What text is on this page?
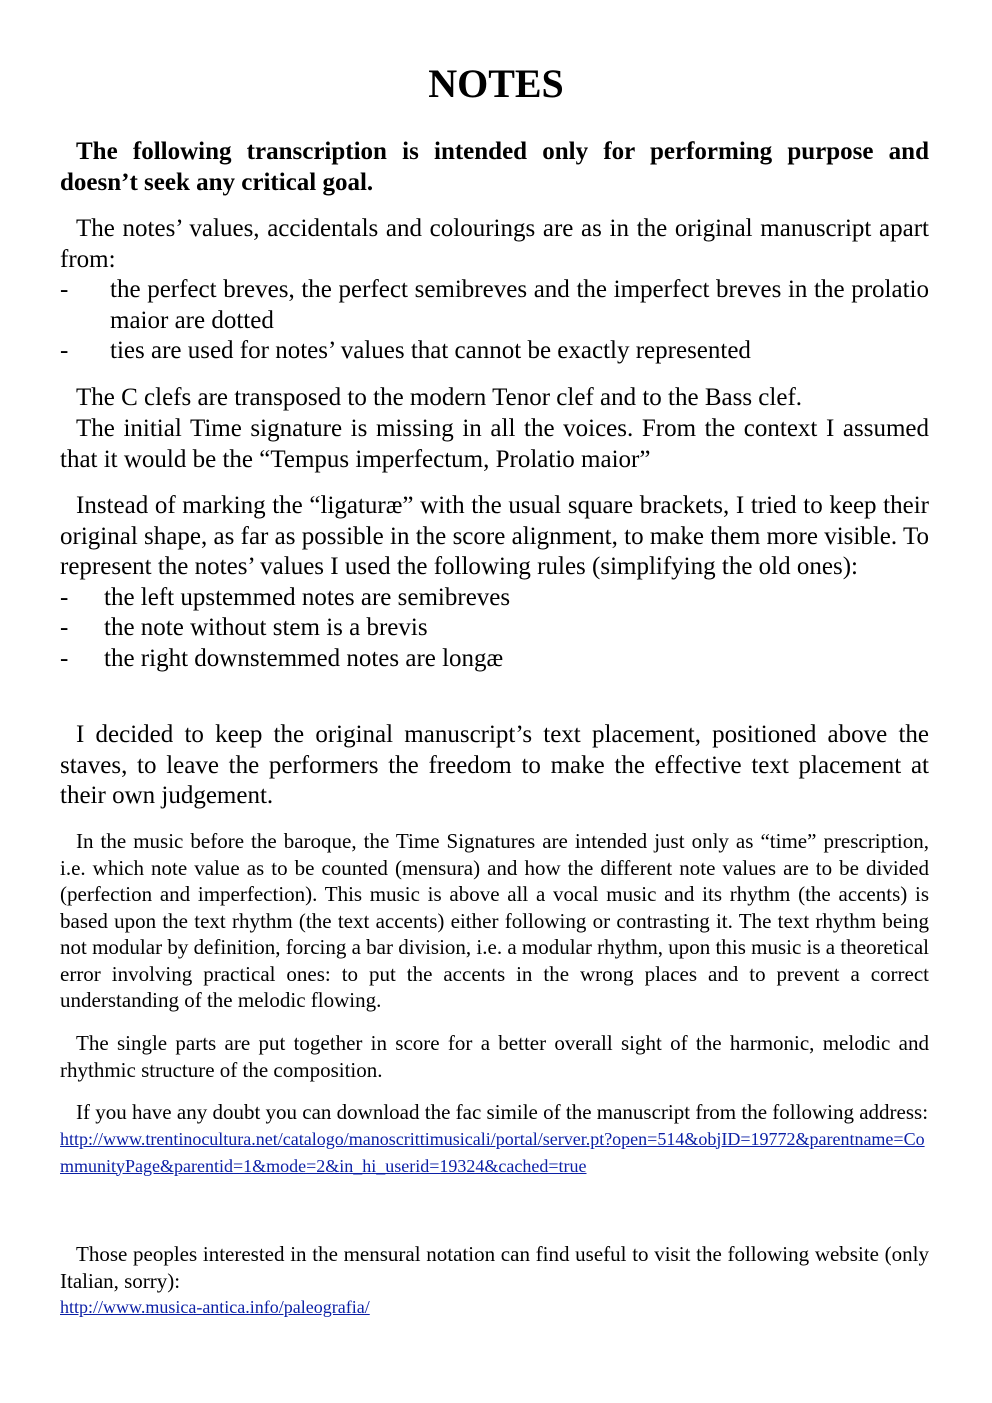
NOTES

The following transcription is intended only for performing purpose and doesn’t seek any critical goal.

The notes’ values, accidentals and colourings are as in the original manuscript apart from:

-	the perfect breves, the perfect semibreves and the imperfect breves in the prolatio maior are dotted
-	ties are used for notes’ values that cannot be exactly represented

The C clefs are transposed to the modern Tenor clef and to the Bass clef.

The initial Time signature is missing in all the voices. From the context I assumed that it would be the “Tempus imperfectum, Prolatio maior”

Instead of marking the “ligaturæ” with the usual square brackets, I tried to keep their original shape, as far as possible in the score alignment, to make them more visible. To represent the notes’ values I used the following rules (simplifying the old ones):

-	the left upstemmed notes are semibreves
-	the note without stem is a brevis
-	the right downstemmed notes are longæ

I decided to keep the original manuscript’s text placement, positioned above the staves, to leave the performers the freedom to make the effective text placement at their own judgement.

In the music before the baroque, the Time Signatures are intended just only as “time” prescription, i.e. which note value as to be counted (mensura) and how the different note values are to be divided (perfection and imperfection). This music is above all a vocal music and its rhythm (the accents) is based upon the text rhythm (the text accents) either following or contrasting it. The text rhythm being not modular by definition, forcing a bar division, i.e. a modular rhythm, upon this music is a theoretical error involving practical ones: to put the accents in the wrong places and to prevent a correct understanding of the melodic flowing.

The single parts are put together in score for a better overall sight of the harmonic, melodic and rhythmic structure of the composition.

If you have any doubt you can download the fac simile of the manuscript from the following address:

http://www.trentinocultura.net/catalogo/manoscrittimusicali/portal/server.pt?open=514&objID=19772&parentname=CommunityPage&parentid=1&mode=2&in_hi_userid=19324&cached=true

Those peoples interested in the mensural notation can find useful to visit the following website (only Italian, sorry):

http://www.musica-antica.info/paleografia/
